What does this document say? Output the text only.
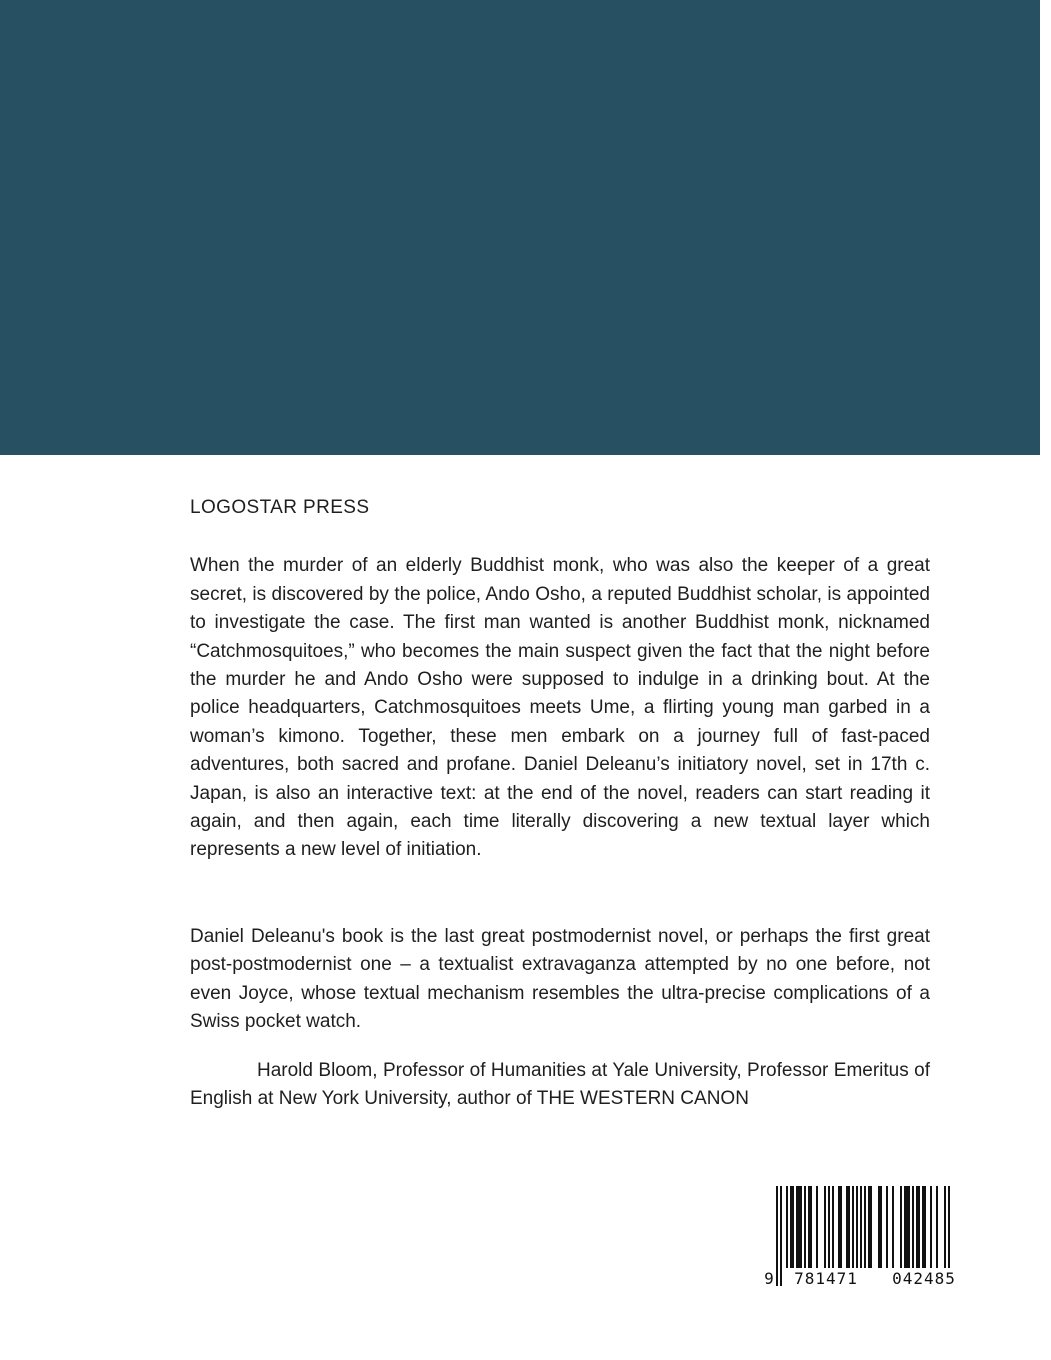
LOGOSTAR PRESS

When the murder of an elderly Buddhist monk, who was also the keeper of a great secret, is discovered by the police, Ando Osho, a reputed Buddhist scholar, is appointed to investigate the case. The first man wanted is another Buddhist monk, nicknamed “Catchmosquitoes,” who becomes the main suspect given the fact that the night before the murder he and Ando Osho were supposed to indulge in a drinking bout. At the police headquarters, Catchmosquitoes meets Ume, a flirting young man garbed in a woman’s kimono. Together, these men embark on a journey full of fast-paced adventures, both sacred and profane. Daniel Deleanu’s initiatory novel, set in 17th c. Japan, is also an interactive text: at the end of the novel, readers can start reading it again, and then again, each time literally discovering a new textual layer which represents a new level of initiation.

Daniel Deleanu's book is the last great postmodernist novel, or perhaps the first great post-postmodernist one – a textualist extravaganza attempted by no one before, not even Joyce, whose textual mechanism resembles the ultra-precise complications of a Swiss pocket watch.

Harold Bloom, Professor of Humanities at Yale University, Professor Emeritus of English at New York University, author of THE WESTERN CANON

9 781471 042485
